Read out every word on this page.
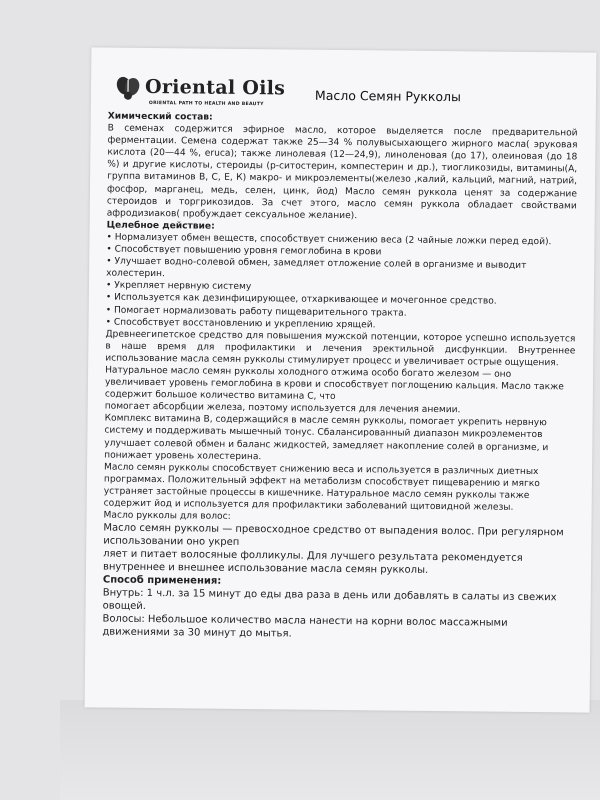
Oriental Oils
ORIENTAL PATH TO HEALTH AND BEAUTY	Масло Семян Рукколы

Химический состав:

В семенах содержится эфирное масло, которое выделяется после предварительной ферментации. Семена содержат также 25—34 % полувысыхающего жирного масла( эруковая кислота (20—44 %, eruca); также линолевая (12—24,9), линоленовая (до 17), олеиновая (до 18 %) и другие кислоты, стероиды (р-ситостерин, компестерин и др.), тиогликозиды, витамины(А, группа витаминов В, С, Е, К) макро- и микроэлементы(железо ,калий, кальций, магний, натрий, фосфор, марганец, медь, селен, цинк, йод) Масло семян руккола ценят за содержание стероидов и торгрикозидов. За счет этого, масло семян руккола обладает свойствами афродизиаков( пробуждает сексуальное желание).

Целебное действие:

• Нормализует обмен веществ, способствует снижению веса (2 чайные ложки перед едой).

• Способствует повышению уровня гемоглобина в крови

• Улучшает водно-солевой обмен, замедляет отложение солей в организме и выводит холестерин.

• Укрепляет нервную систему

• Используется как дезинфицирующее, отхаркивающее и мочегонное средство.

• Помогает нормализовать работу пищеварительного тракта.

• Способствует восстановлению и укреплению хрящей.

Древнеегипетское средство для повышения мужской потенции, которое успешно используется в наше время для профилактики и лечения эректильной дисфункции. Внутреннее использование масла семян рукколы стимулирует процесс и увеличивает острые ощущения.

Натуральное масло семян рукколы холодного отжима особо богато железом — оно увеличивает уровень гемоглобина в крови и способствует поглощению кальция. Масло также содержит большое количество витамина С, что

помогает абсорбции железа, поэтому используется для лечения анемии.

Комплекс витамина В, содержащийся в масле семян рукколы, помогает укрепить нервную систему и поддерживать мышечный тонус. Сбалансированный диапазон микроэлементов улучшает солевой обмен и баланс жидкостей, замедляет накопление солей в организме, и понижает уровень холестерина.

Масло семян рукколы способствует снижению веса и используется в различных диетных программах. Положительный эффект на метаболизм способствует пищеварению и мягко устраняет застойные процессы в кишечнике. Натуральное масло семян рукколы также содержит йод и используется для профилактики заболеваний щитовидной железы.

Масло рукколы для волос:

Масло семян рукколы — превосходное средство от выпадения волос. При регулярном использовании оно укреп

ляет и питает волосяные фолликулы. Для лучшего результата рекомендуется внутреннее и внешнее использование масла семян рукколы.

Способ применения:

Внутрь: 1 ч.л. за 15 минут до еды два раза в день или добавлять в салаты из свежих овощей.

Волосы: Небольшое количество масла нанести на корни волос массажными движениями за 30 минут до мытья.
